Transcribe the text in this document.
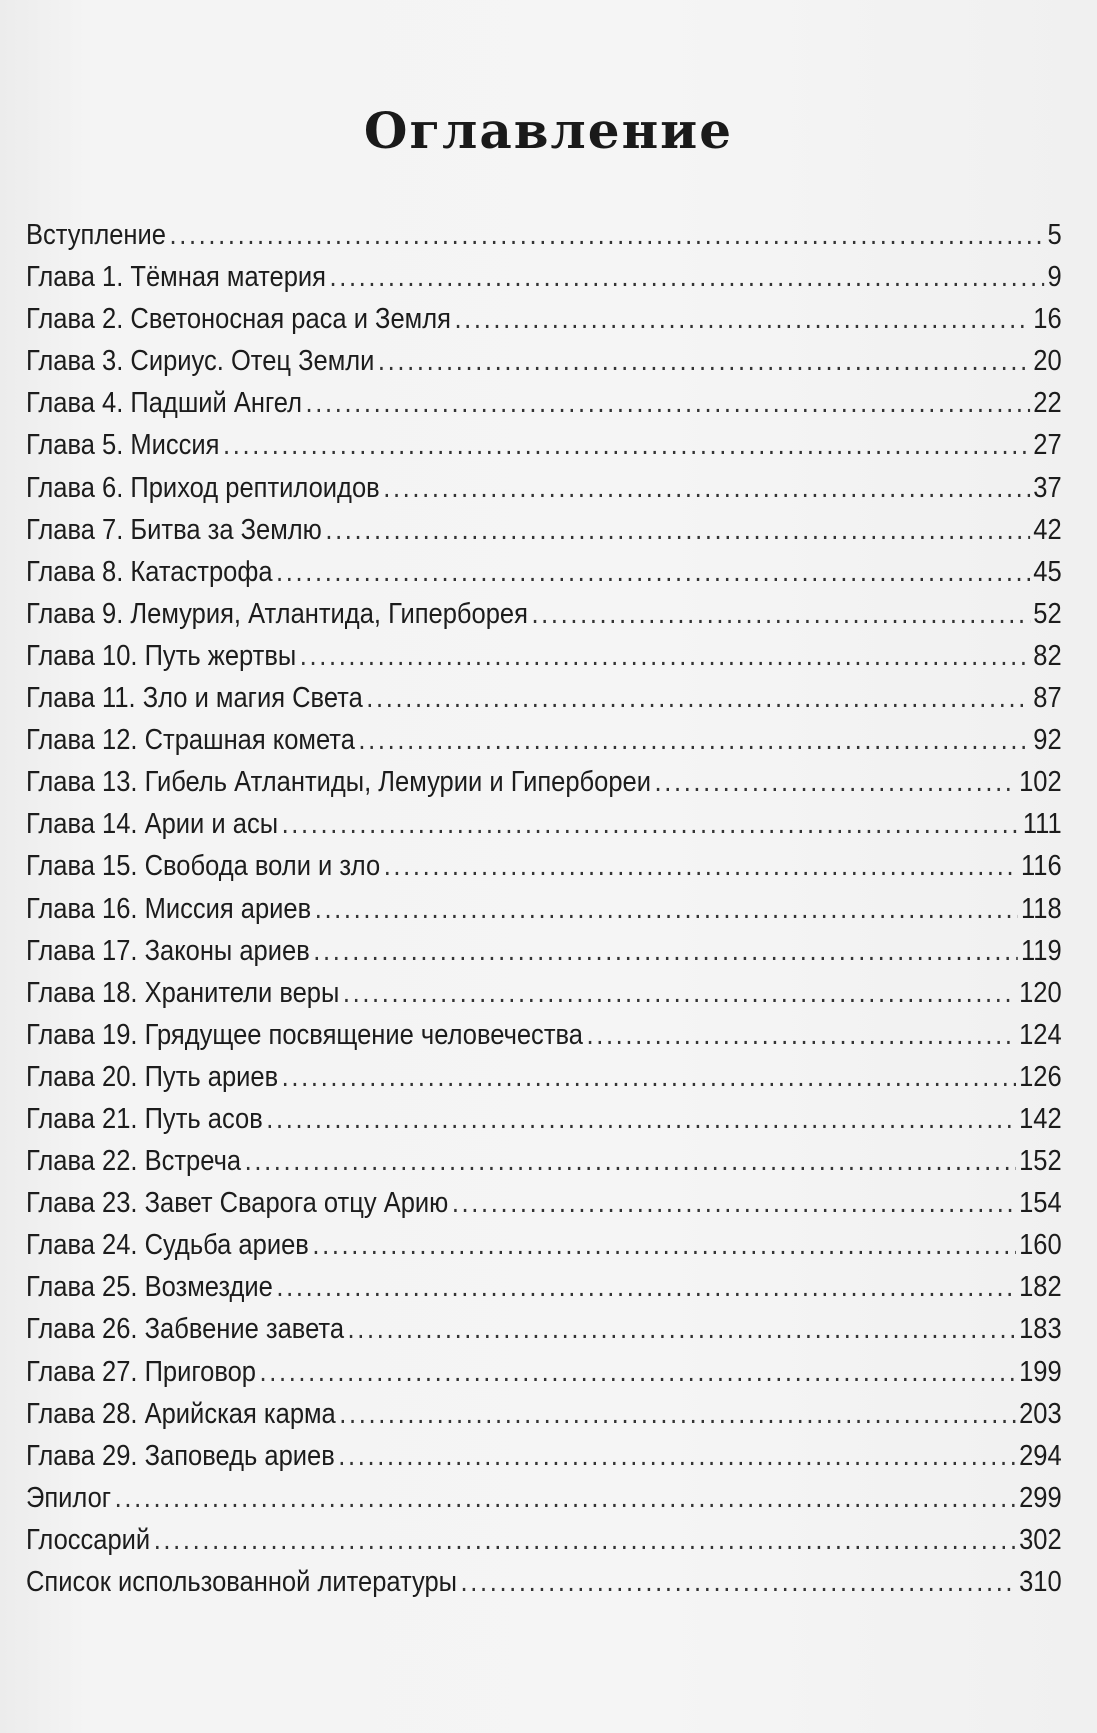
Оглавление
Вступление .....	5
Глава 1. Тёмная материя .....	9
Глава 2. Светоносная раса и Земля .....	16
Глава 3. Сириус. Отец Земли .....	20
Глава 4. Падший Ангел .....	22
Глава 5. Миссия .....	27
Глава 6. Приход рептилоидов .....	37
Глава 7. Битва за Землю .....	42
Глава 8. Катастрофа .....	45
Глава 9. Лемурия, Атлантида, Гиперборея .....	52
Глава 10. Путь жертвы .....	82
Глава 11. Зло и магия Света .....	87
Глава 12. Страшная комета .....	92
Глава 13. Гибель Атлантиды, Лемурии и Гипербореи .....	102
Глава 14. Арии и асы .....	111
Глава 15. Свобода воли и зло .....	116
Глава 16. Миссия ариев .....	118
Глава 17. Законы ариев .....	119
Глава 18. Хранители веры .....	120
Глава 19. Грядущее посвящение человечества .....	124
Глава 20. Путь ариев .....	126
Глава 21. Путь асов .....	142
Глава 22. Встреча .....	152
Глава 23. Завет Сварога отцу Арию .....	154
Глава 24. Судьба ариев .....	160
Глава 25. Возмездие .....	182
Глава 26. Забвение завета .....	183
Глава 27. Приговор .....	199
Глава 28. Арийская карма .....	203
Глава 29. Заповедь ариев .....	294
Эпилог .....	299
Глоссарий .....	302
Список использованной литературы .....	310
